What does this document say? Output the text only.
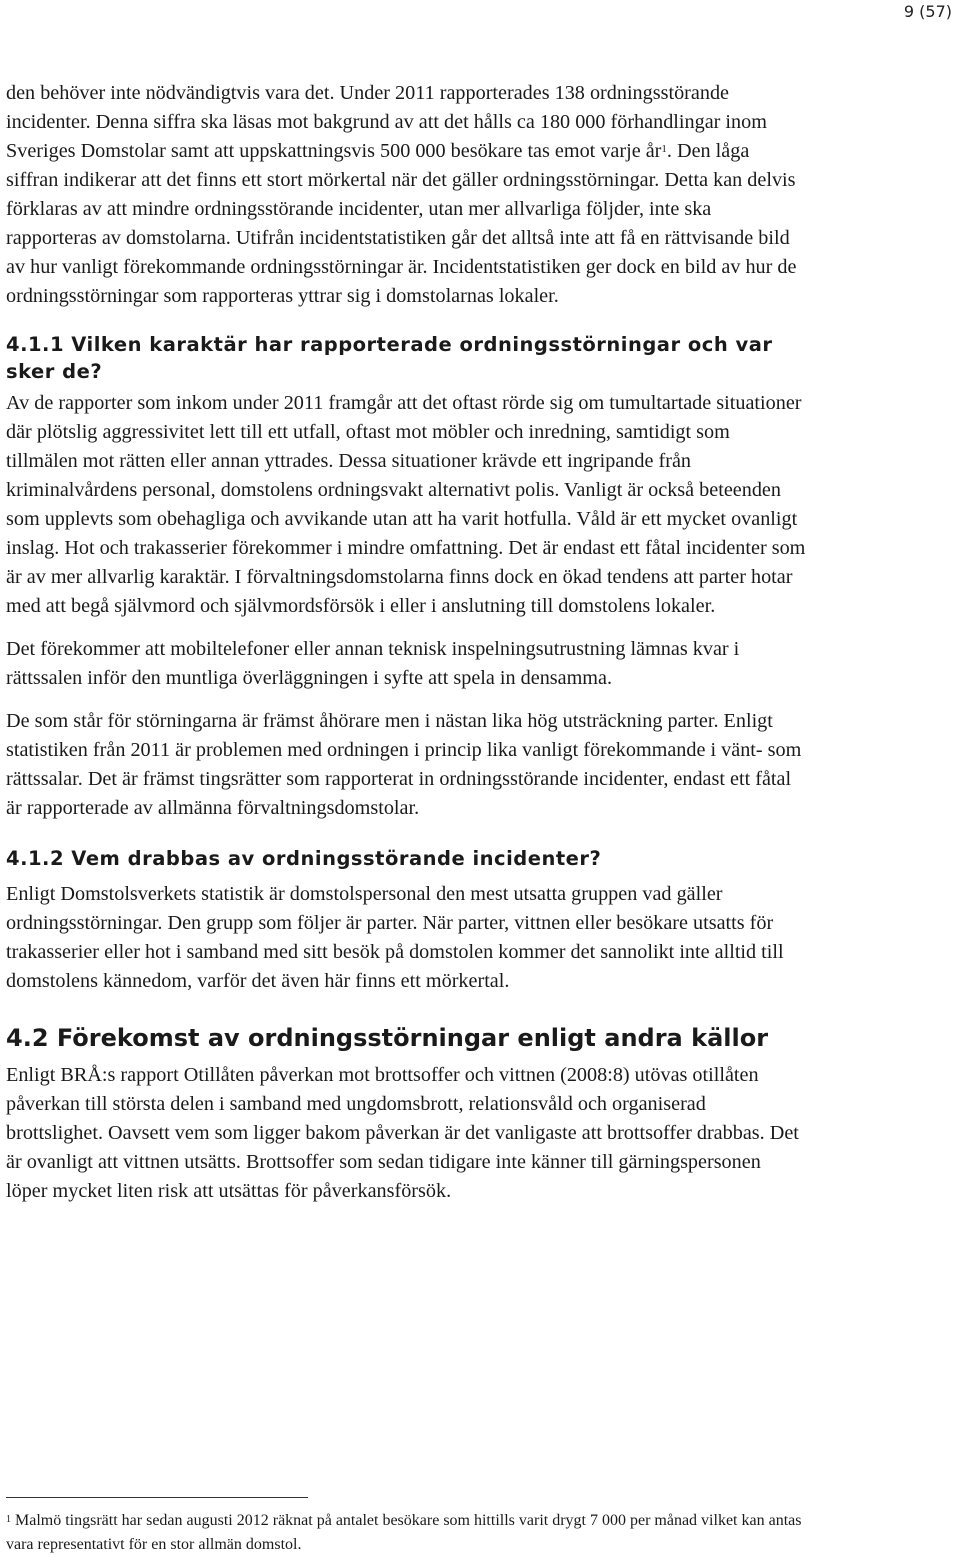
9 (57)

den behöver inte nödvändigtvis vara det. Under 2011 rapporterades 138 ordningsstörande incidenter. Denna siffra ska läsas mot bakgrund av att det hålls ca 180 000 förhandlingar inom Sveriges Domstolar samt att uppskattningsvis 500 000 besökare tas emot varje $år^1$. Den låga siffran indikerar att det finns ett stort mörkertal när det gäller ordningsstörningar. Detta kan delvis förklaras av att mindre ordningsstörande incidenter, utan mer allvarliga följder, inte ska rapporteras av domstolarna. Utifrån incidentstatistiken går det alltså inte att få en rättvisande bild av hur vanligt förekommande ordningsstörningar är. Incidentstatistiken ger dock en bild av hur de ordningsstörningar som rapporteras yttrar sig i domstolarnas lokaler.

4.1.1 Vilken karaktär har rapporterade ordningsstörningar och var sker de?

Av de rapporter som inkom under 2011 framgår att det oftast rörde sig om tumultartade situationer där plötslig aggressivitet lett till ett utfall, oftast mot möbler och inredning, samtidigt som tillmälen mot rätten eller annan yttrades. Dessa situationer krävde ett ingripande från kriminalvårdens personal, domstolens ordningsvakt alternativt polis. Vanligt är också beteenden som upplevts som obehagliga och avvikande utan att ha varit hotfulla. Våld är ett mycket ovanligt inslag. Hot och trakasserier förekommer i mindre omfattning. Det är endast ett fåtal incidenter som är av mer allvarlig karaktär. I förvaltningsdomstolarna finns dock en ökad tendens att parter hotar med att begå självmord och självmordsförsök i eller i anslutning till domstolens lokaler.

Det förekommer att mobiltelefoner eller annan teknisk inspelningsutrustning lämnas kvar i rättssalen inför den muntliga överläggningen i syfte att spela in densamma.

De som står för störningarna är främst åhörare men i nästan lika hög utsträckning parter. Enligt statistiken från 2011 är problemen med ordningen i princip lika vanligt förekommande i vänt- som rättssalar. Det är främst tingsrätter som rapporterat in ordningsstörande incidenter, endast ett fåtal är rapporterade av allmänna förvaltningsdomstolar.

4.1.2 Vem drabbas av ordningsstörande incidenter?

Enligt Domstolsverkets statistik är domstolspersonal den mest utsatta gruppen vad gäller ordningsstörningar. Den grupp som följer är parter. När parter, vittnen eller besökare utsatts för trakasserier eller hot i samband med sitt besök på domstolen kommer det sannolikt inte alltid till domstolens kännedom, varför det även här finns ett mörkertal.

4.2 Förekomst av ordningsstörningar enligt andra källor

Enligt BRÅ:s rapport Otillåten påverkan mot brottsoffer och vittnen (2008:8) utövas otillåten påverkan till största delen i samband med ungdomsbrott, relationsvåld och organiserad brottslighet. Oavsett vem som ligger bakom påverkan är det vanligaste att brottsoffer drabbas. Det är ovanligt att vittnen utsätts. Brottsoffer som sedan tidigare inte känner till gärningspersonen löper mycket liten risk att utsättas för påverkansförsök.

$^1$ Malmö tingsrätt har sedan augusti 2012 räknat på antalet besökare som hittills varit drygt 7 000 per månad vilket kan antas vara representativt för en stor allmän domstol.
